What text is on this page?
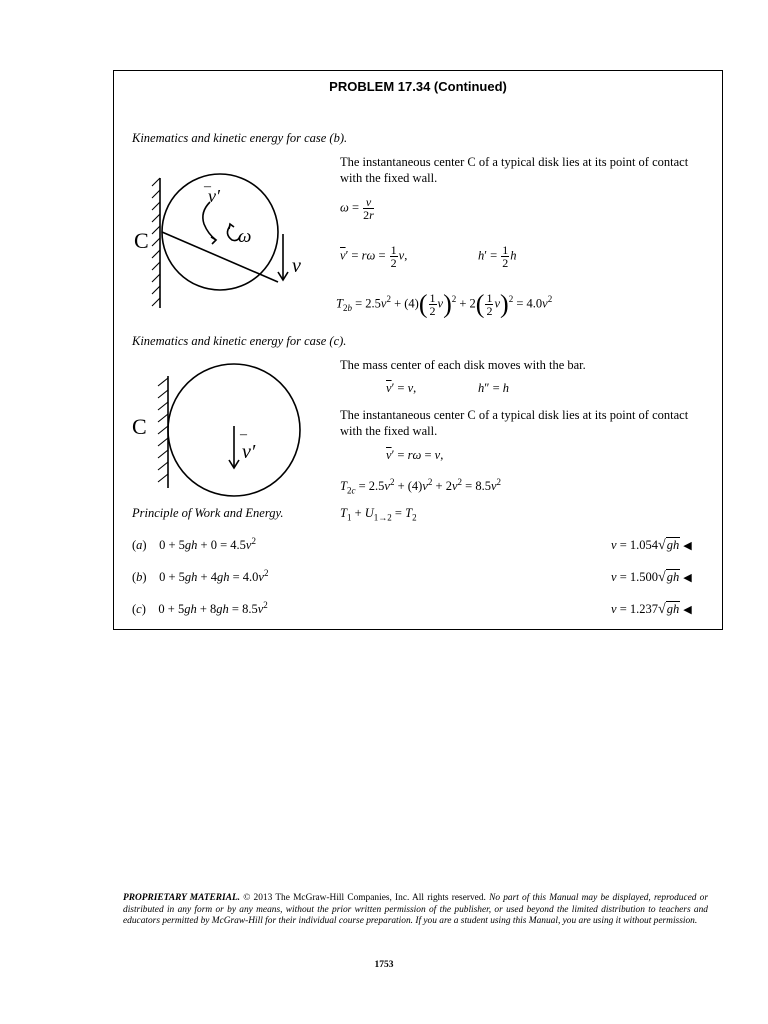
PROBLEM 17.34 (Continued)
Kinematics and kinetic energy for case (b).
The instantaneous center C of a typical disk lies at its point of contact with the fixed wall.
$\omega = \frac{v}{2r}$
$\overline{v}' = r\omega = \frac{1}{2} v$,	$h' = \frac{1}{2}$ h
$T_{2b} = 2.5v^2 + (4)( \frac{1}{2} v)^2 + 2( \frac{1}{2} v)^2 = 4.0v^2$
C
v′
‒
ω
v
Kinematics and kinetic energy for case (c).
The mass center of each disk moves with the bar.
$\overline{v}' = v$,	h″ = h
The instantaneous center C of a typical disk lies at its point of contact with the fixed wall.
$\overline{v}' = r\omega = v$,
$T_{2c} = 2.5v^2 + (4)v^2 + 2v^2 = 8.5v^2$
C
v′
‒
Principle of Work and Energy.	$T_1 + U_{1\to 2} = T_2$
(a)    $0 + 5gh + 0 = 4.5v^2$	v = 1.054√gh ◀
(b)    $0 + 5gh + 4gh = 4.0v^2$	v = 1.500√gh ◀
(c)    $0 + 5gh + 8gh = 8.5v^2$	v = 1.237√gh ◀
PROPRIETARY MATERIAL. © 2013 The McGraw-Hill Companies, Inc. All rights reserved. No part of this Manual may be displayed, reproduced or distributed in any form or by any means, without the prior written permission of the publisher, or used beyond the limited distribution to teachers and educators permitted by McGraw-Hill for their individual course preparation. If you are a student using this Manual, you are using it without permission.
1753
